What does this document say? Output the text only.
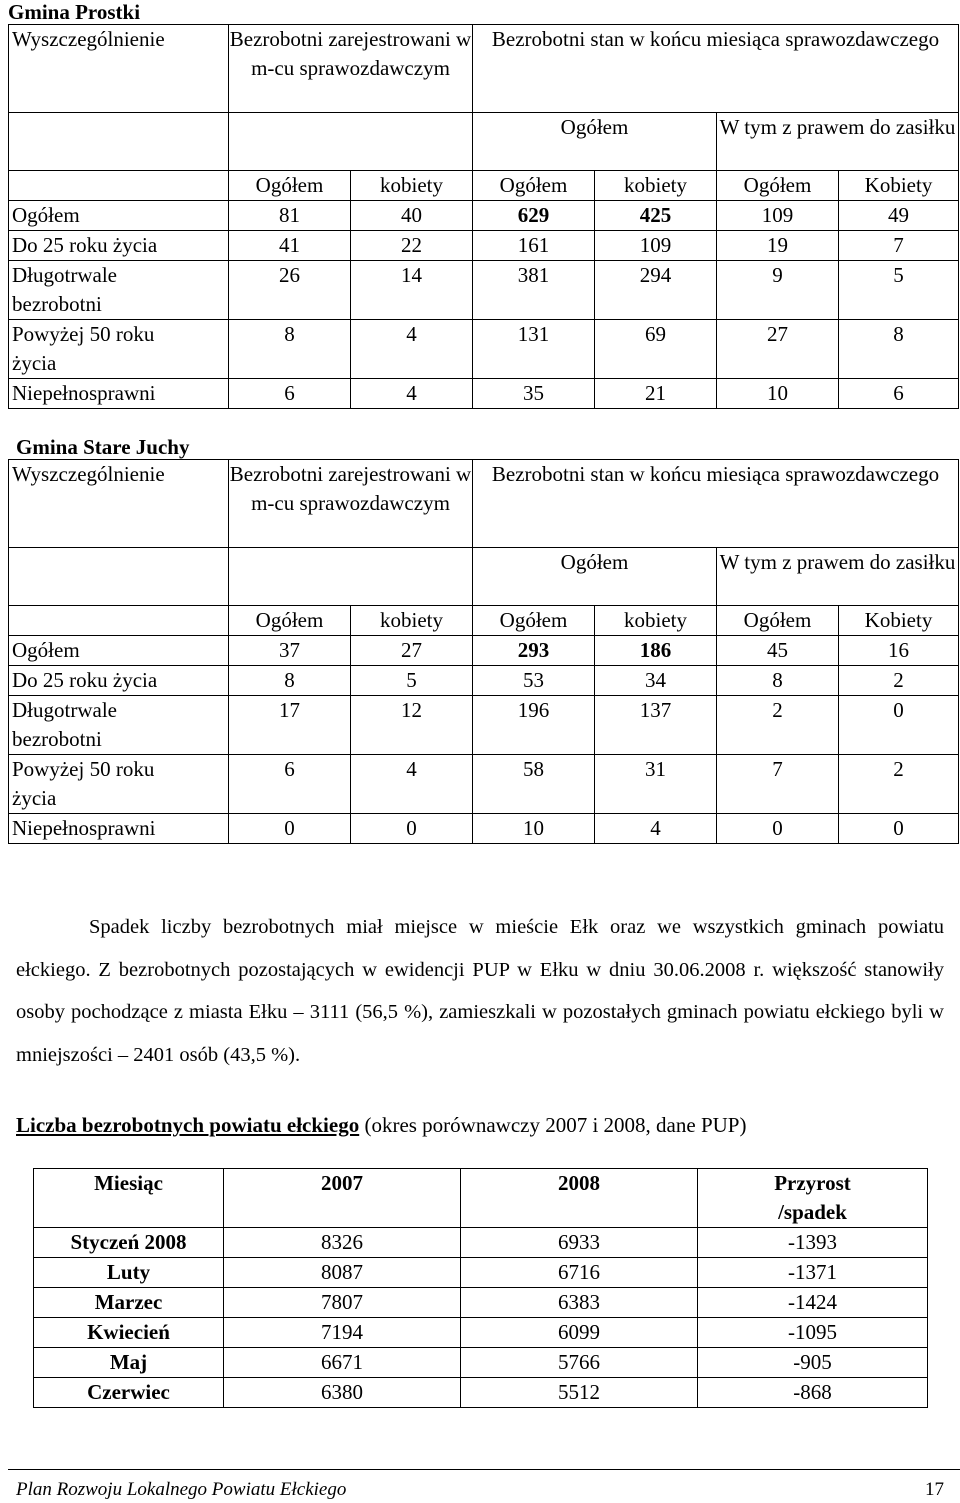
Gmina Prostki
Wyszczególnienie	Bezrobotni zarejestrowani w m-cu sprawozdawczym		Bezrobotni stan w końcu miesiąca sprawozdawczego			
			Ogółem		W tym z prawem do zasiłku	
	Ogółem	kobiety	Ogółem	kobiety	Ogółem	Kobiety
Ogółem	81	40	629	425	109	49
Do 25 roku życia	41	22	161	109	19	7
Długotrwale bezrobotni	26	14	381	294	9	5
Powyżej 50 roku życia	8	4	131	69	27	8
Niepełnosprawni	6	4	35	21	10	6
Gmina Stare Juchy
Wyszczególnienie	Bezrobotni zarejestrowani w m-cu sprawozdawczym		Bezrobotni stan w końcu miesiąca sprawozdawczego			
			Ogółem		W tym z prawem do zasiłku	
	Ogółem	kobiety	Ogółem	kobiety	Ogółem	Kobiety
Ogółem	37	27	293	186	45	16
Do 25 roku życia	8	5	53	34	8	2
Długotrwale bezrobotni	17	12	196	137	2	0
Powyżej 50 roku życia	6	4	58	31	7	2
Niepełnosprawni	0	0	10	4	0	0
Spadek liczby bezrobotnych miał miejsce w mieście Ełk oraz we wszystkich gminach powiatu ełckiego. Z bezrobotnych pozostających w ewidencji PUP w Ełku w dniu 30.06.2008 r. większość stanowiły osoby pochodzące z miasta Ełku – 3111 (56,5 %), zamieszkali w pozostałych gminach powiatu ełckiego byli w mniejszości – 2401 osób (43,5 %).
Liczba bezrobotnych powiatu ełckiego (okres porównawczy 2007 i 2008, dane PUP)
Miesiąc	2007	2008	Przyrost /spadek
Styczeń 2008	8326	6933	-1393
Luty	8087	6716	-1371
Marzec	7807	6383	-1424
Kwiecień	7194	6099	-1095
Maj	6671	5766	-905
Czerwiec	6380	5512	-868
Plan Rozwoju Lokalnego Powiatu Ełckiego	17
